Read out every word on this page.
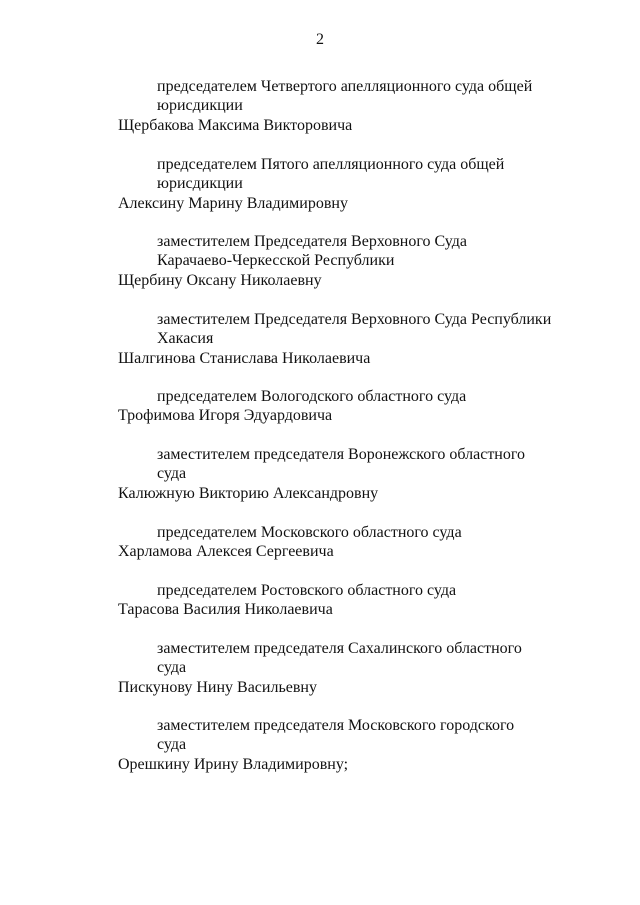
2
председателем Четвертого апелляционного суда общей
юрисдикции
Щербакова Максима Викторовича
председателем Пятого апелляционного суда общей
юрисдикции
Алексину Марину Владимировну
заместителем Председателя Верховного Суда
Карачаево-Черкесской Республики
Щербину Оксану Николаевну
заместителем Председателя Верховного Суда Республики
Хакасия
Шалгинова Станислава Николаевича
председателем Вологодского областного суда
Трофимова Игоря Эдуардовича
заместителем председателя Воронежского областного
суда
Калюжную Викторию Александровну
председателем Московского областного суда
Харламова Алексея Сергеевича
председателем Ростовского областного суда
Тарасова Василия Николаевича
заместителем председателя Сахалинского областного
суда
Пискунову Нину Васильевну
заместителем председателя Московского городского
суда
Орешкину Ирину Владимировну;
